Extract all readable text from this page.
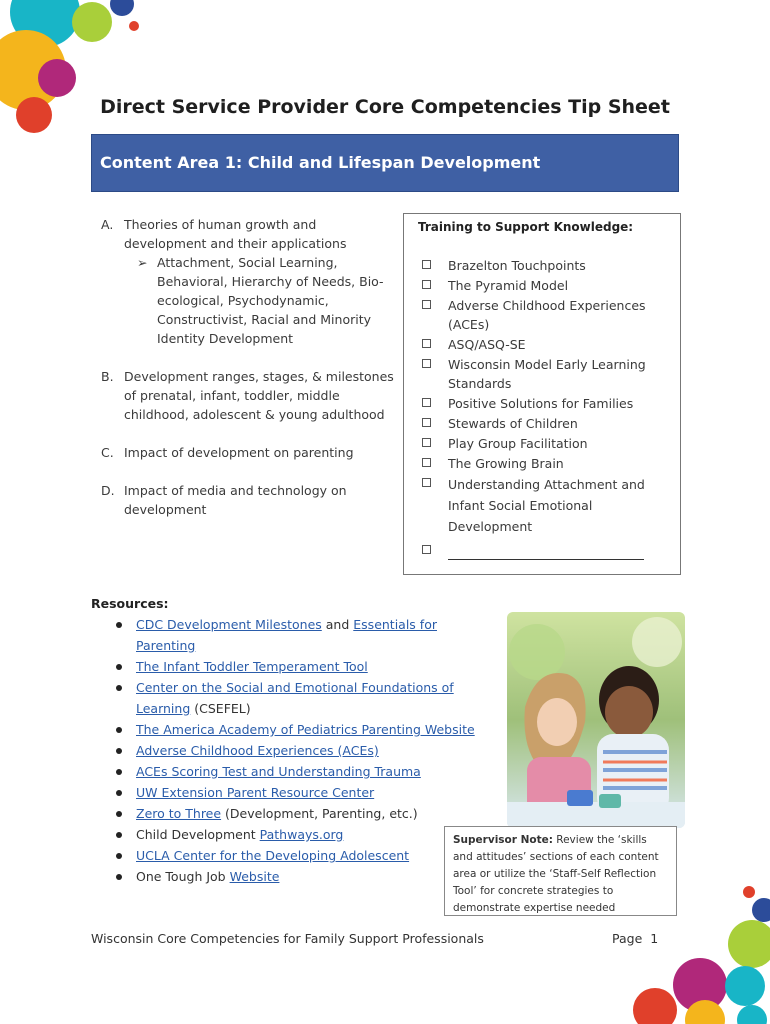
Direct Service Provider Core Competencies Tip Sheet
Content Area 1: Child and Lifespan Development
A. Theories of human growth and
development and their applications
➢ Attachment, Social Learning,
Behavioral, Hierarchy of Needs, Bio-
ecological, Psychodynamic,
Constructivist, Racial and Minority
Identity Development
B. Development ranges, stages, & milestones
of prenatal, infant, toddler, middle
childhood, adolescent & young adulthood
C. Impact of development on parenting
D. Impact of media and technology on
development
Training to Support Knowledge:
Brazelton Touchpoints
The Pyramid Model
Adverse Childhood Experiences (ACEs)
ASQ/ASQ-SE
Wisconsin Model Early Learning Standards
Positive Solutions for Families
Stewards of Children
Play Group Facilitation
The Growing Brain
Understanding Attachment and Infant Social Emotional Development
Resources:
CDC Development Milestones and Essentials for Parenting
The Infant Toddler Temperament Tool
Center on the Social and Emotional Foundations of Learning (CSEFEL)
The America Academy of Pediatrics Parenting Website
Adverse Childhood Experiences (ACEs)
ACEs Scoring Test and Understanding Trauma
UW Extension Parent Resource Center
Zero to Three (Development, Parenting, etc.)
Child Development Pathways.org
UCLA Center for the Developing Adolescent
One Tough Job Website
Supervisor Note: Review the ‘skills and attitudes’ sections of each content area or utilize the ‘Staff-Self Reflection Tool’ for concrete strategies to demonstrate expertise needed
Wisconsin Core Competencies for Family Support Professionals	Page 1
